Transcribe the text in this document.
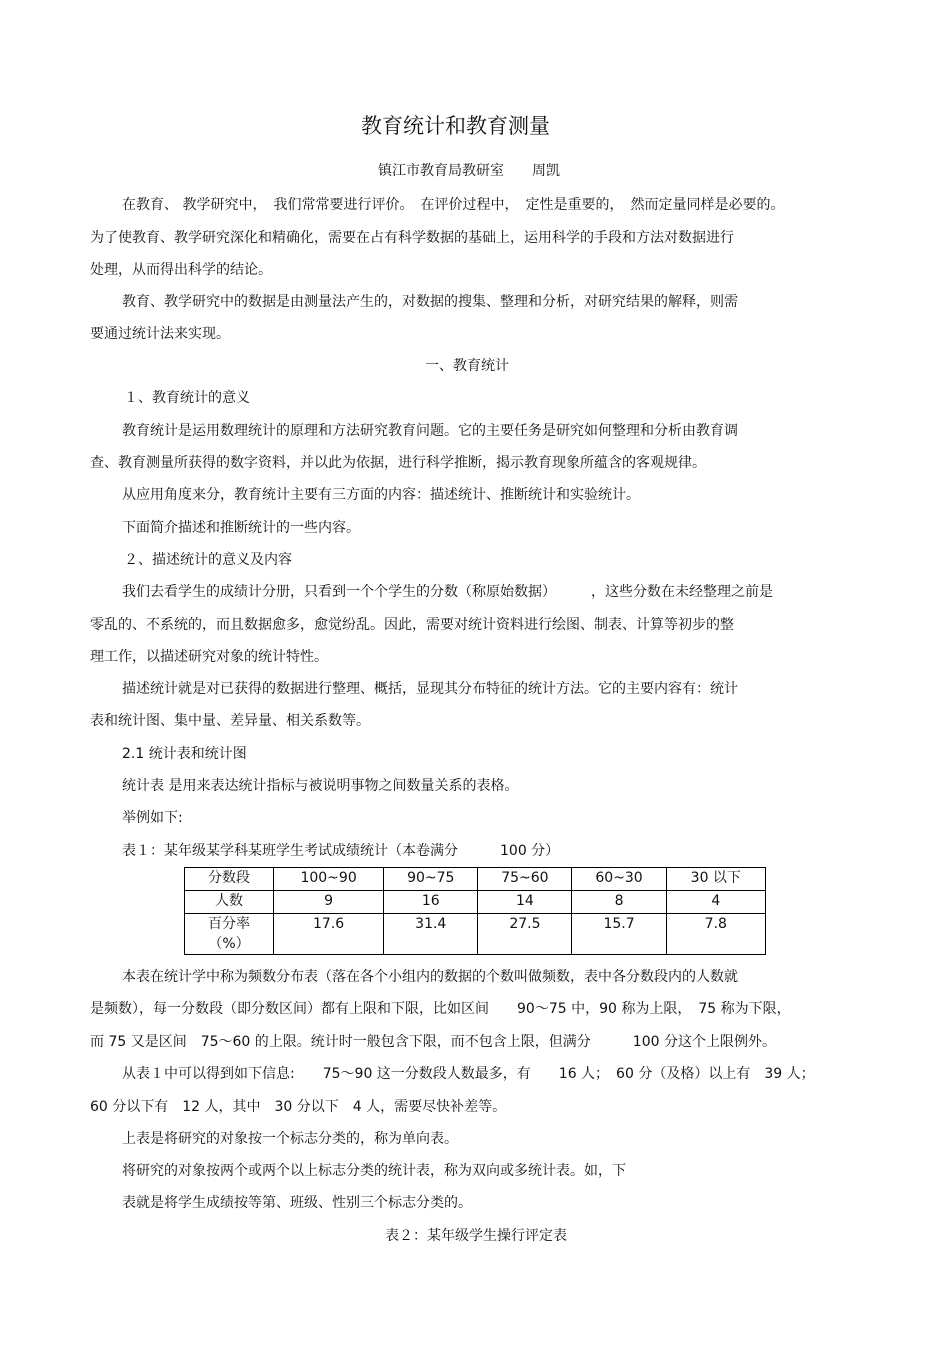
教育统计和教育测量
镇江市教育局教研室　　周凯
在教育、 教学研究中，　我们常常要进行评价。　在评价过程中，　定性是重要的，　然而定量同样是必要的。
为了使教育、教学研究深化和精确化，需要在占有科学数据的基础上，运用科学的手段和方法对数据进行
处理，从而得出科学的结论。
教育、教学研究中的数据是由测量法产生的，对数据的搜集、整理和分析，对研究结果的解释，则需
要通过统计法来实现。
一、教育统计
１、教育统计的意义
教育统计是运用数理统计的原理和方法研究教育问题。它的主要任务是研究如何整理和分析由教育调
查、教育测量所获得的数字资料，并以此为依据，进行科学推断，揭示教育现象所蕴含的客观规律。
从应用角度来分，教育统计主要有三方面的内容：描述统计、推断统计和实验统计。
下面简介描述和推断统计的一些内容。
２、描述统计的意义及内容
我们去看学生的成绩计分册，只看到一个个学生的分数（称原始数据）　　　，这些分数在未经整理之前是
零乱的、不系统的，而且数据愈多，愈觉纷乱。因此，需要对统计资料进行绘图、制表、计算等初步的整
理工作，以描述研究对象的统计特性。
描述统计就是对已获得的数据进行整理、概括，显现其分布特征的统计方法。它的主要内容有：统计
表和统计图、集中量、差异量、相关系数等。
2.1 统计表和统计图
统计表 是用来表达统计指标与被说明事物之间数量关系的表格。
举例如下:
表１：某年级某学科某班学生考试成绩统计（本卷满分　　　100 分）
分数段	100~90	90~75	75~60	60~30	30 以下
人数	9	16	14	8	4

百分率
（%）	17.6	31.4	27.5	15.7	7.8
本表在统计学中称为频数分布表（落在各个小组内的数据的个数叫做频数，表中各分数段内的人数就
是频数），每一分数段（即分数区间）都有上限和下限，比如区间　　90～75 中，90 称为上限，　75 称为下限，
而 75 又是区间　75～60 的上限。统计时一般包含下限，而不包含上限，但满分　　　100 分这个上限例外。
从表１中可以得到如下信息:　　75～90 这一分数段人数最多，有　　16 人；　60 分（及格）以上有　39 人；
60 分以下有　12 人，其中　30 分以下　4 人，需要尽快补差等。
上表是将研究的对象按一个标志分类的，称为单向表。
将研究的对象按两个或两个以上标志分类的统计表，称为双向或多统计表。如，下
表就是将学生成绩按等第、班级、性别三个标志分类的。
表２：某年级学生操行评定表
